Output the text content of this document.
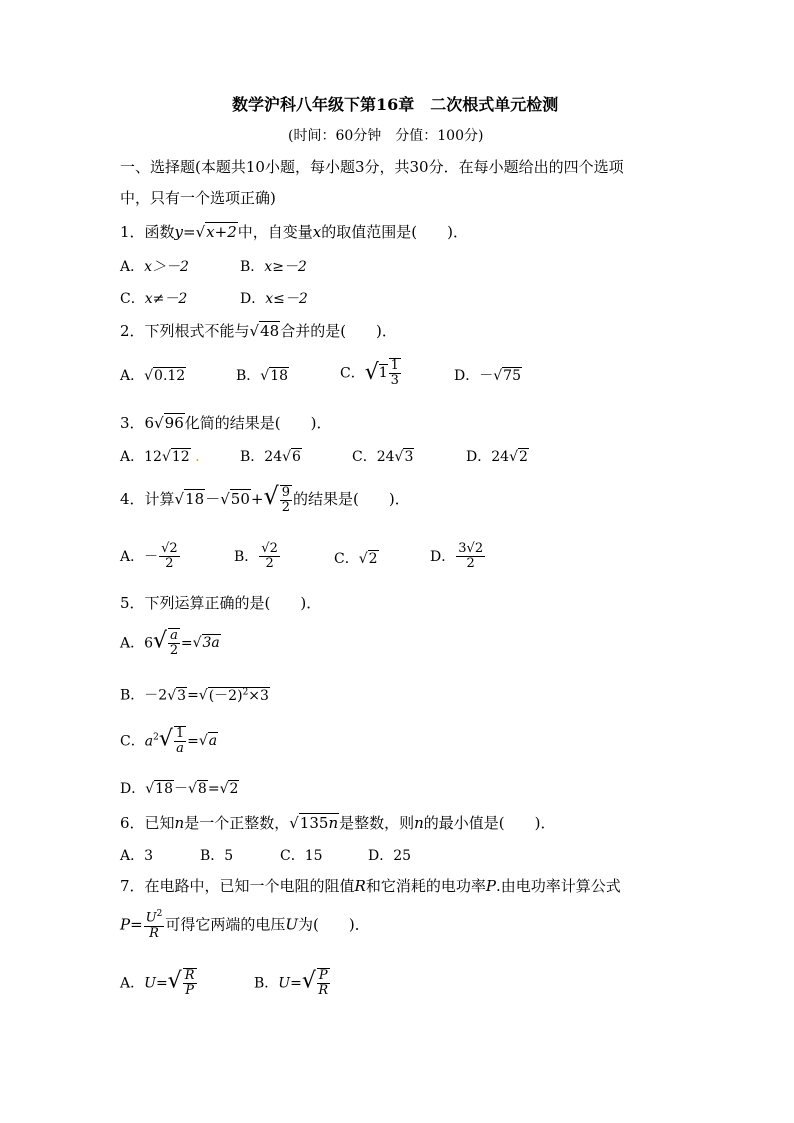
数学沪科八年级下第16章　二次根式单元检测
(时间：60分钟　分值：100分)
一、选择题(本题共10小题，每小题3分，共30分．在每小题给出的四个选项
中，只有一个选项正确)
1．函数y=√x+2中，自变量x的取值范围是(　　)．
A．x＞－2	B．x≥－2
C．x≠－2	D．x≤－2
2．下列根式不能与√48合并的是(　　)．
A．√0.12	B．√18	C．$√1 \frac{1}{3}$	D．－√75
3．6√96化简的结果是(　　)．
A．12√12 .	B．24√6	C．24√3	D．24√2
4．计算$√18-√50+√ \frac{9}{2}$ 的结果是(　　)．
A．－ $\frac{√2}{2}$	B． $\frac{√2}{2}$	C．√2	D． $\frac{3√2}{2}$
5．下列运算正确的是(　　)．
A．$6√ \frac{a}{2} =√3a$
B．$-2√3=√(-2)^2\times 3$
C．$a^2√ \frac{1}{a} =√a$
D．√18－√8=√2
6．已知n是一个正整数，√135n是整数，则n的最小值是(　　)．
A．3	B．5	C．15	D．25
7．在电路中，已知一个电阻的阻值R和它消耗的电功率P.由电功率计算公式
$P= \frac{U^2}{R}$ 可得它两端的电压U为(　　)．
A．$U=√ \frac{R}{P}$	B．$U=√ \frac{P}{R}$
